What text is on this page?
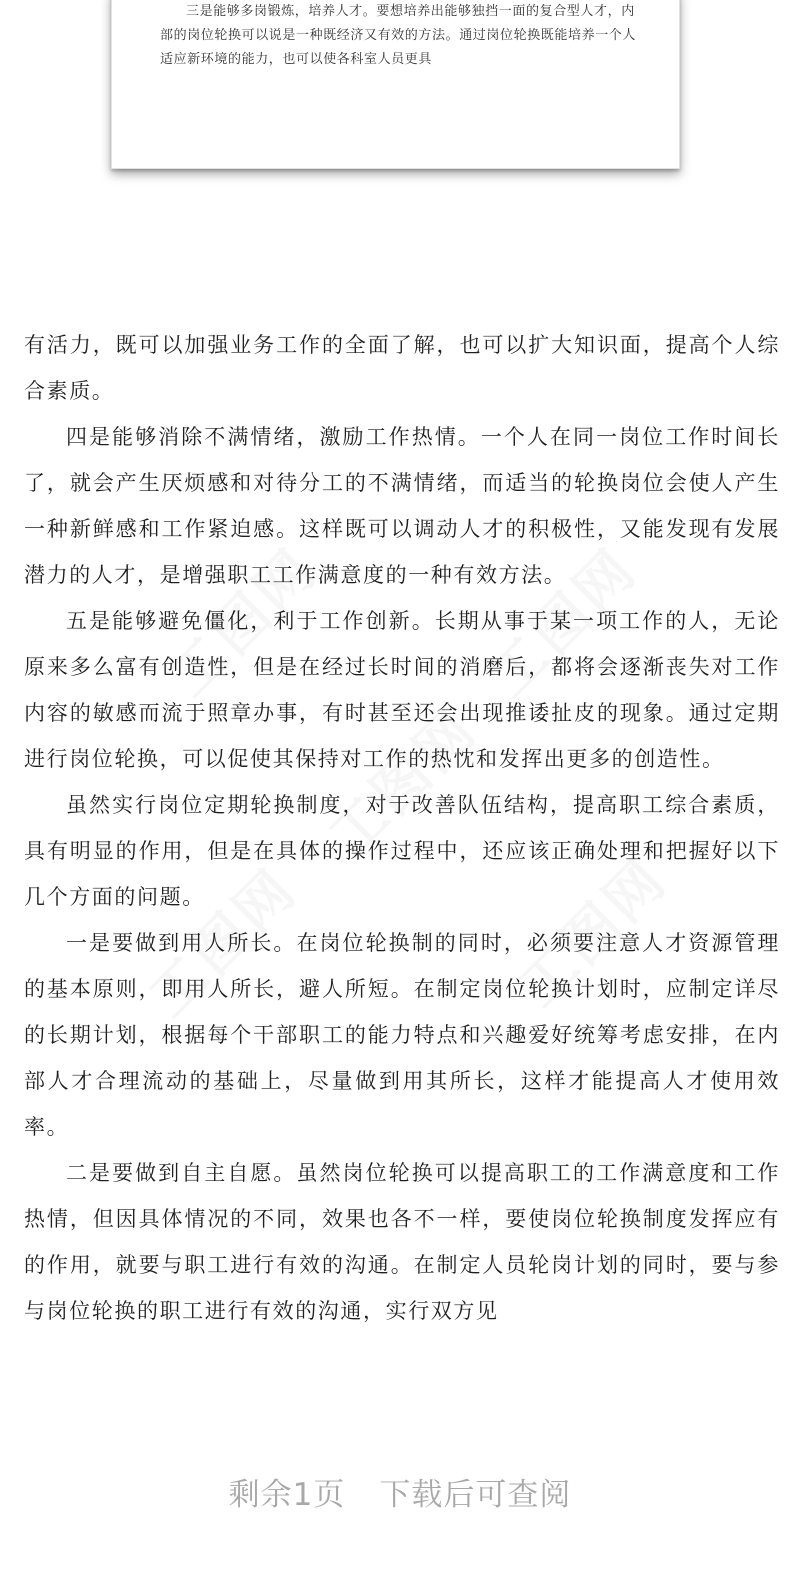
三是能够多岗锻炼，培养人才。要想培养出能够独挡一面的复合型人才，内部的岗位轮换可以说是一种既经济又有效的方法。通过岗位轮换既能培养一个人适应新环境的能力，也可以使各科室人员更具

有活力，既可以加强业务工作的全面了解，也可以扩大知识面，提高个人综合素质。

四是能够消除不满情绪，激励工作热情。一个人在同一岗位工作时间长了，就会产生厌烦感和对待分工的不满情绪，而适当的轮换岗位会使人产生一种新鲜感和工作紧迫感。这样既可以调动人才的积极性，又能发现有发展潜力的人才，是增强职工工作满意度的一种有效方法。

五是能够避免僵化，利于工作创新。长期从事于某一项工作的人，无论原来多么富有创造性，但是在经过长时间的消磨后，都将会逐渐丧失对工作内容的敏感而流于照章办事，有时甚至还会出现推诿扯皮的现象。通过定期进行岗位轮换，可以促使其保持对工作的热忱和发挥出更多的创造性。

虽然实行岗位定期轮换制度，对于改善队伍结构，提高职工综合素质，具有明显的作用，但是在具体的操作过程中，还应该正确处理和把握好以下几个方面的问题。

一是要做到用人所长。在岗位轮换制的同时，必须要注意人才资源管理的基本原则，即用人所长，避人所短。在制定岗位轮换计划时，应制定详尽的长期计划，根据每个干部职工的能力特点和兴趣爱好统筹考虑安排，在内部人才合理流动的基础上，尽量做到用其所长，这样才能提高人才使用效率。

二是要做到自主自愿。虽然岗位轮换可以提高职工的工作满意度和工作热情，但因具体情况的不同，效果也各不一样，要使岗位轮换制度发挥应有的作用，就要与职工进行有效的沟通。在制定人员轮岗计划的同时，要与参与岗位轮换的职工进行有效的沟通，实行双方见

剩余1页 下载后可查阅
